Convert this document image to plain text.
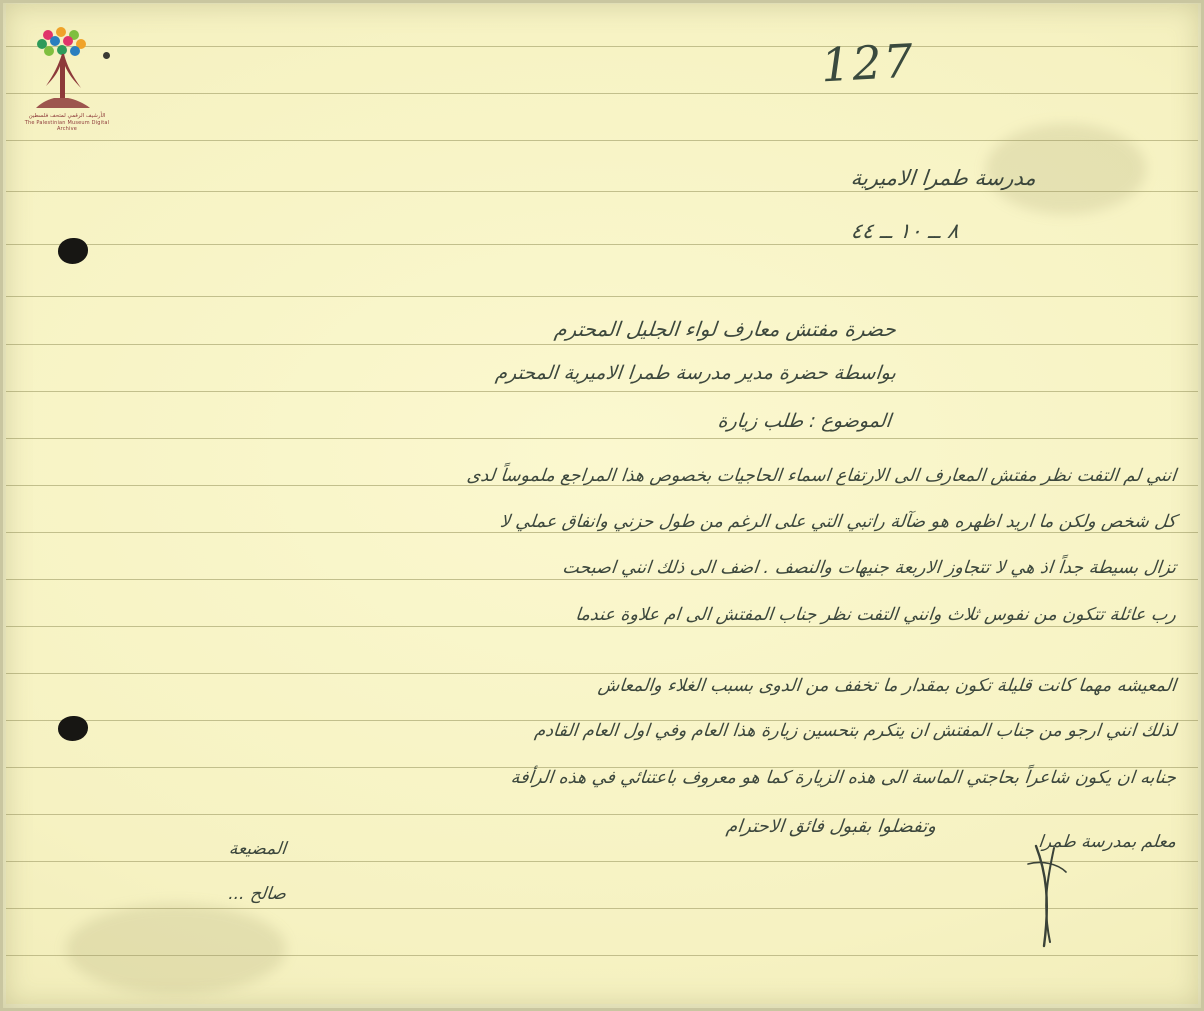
الأرشيف الرقمي لمتحف فلسطين
The Palestinian Museum Digital Archive
127
مدرسة طمرا الاميرية
٨ ــ ١٠ ــ ٤٤
حضرة مفتش معارف لواء الجليل المحترم
بواسطة حضرة مدير مدرسة طمرا الاميرية المحترم
الموضوع : طلب زيارة
انني لم التفت نظر مفتش المعارف الى الارتفاع اسماء الحاجيات بخصوص هذا المراجع ملموساً لدى
كل شخص ولكن ما اريد اظهره هو ضآلة راتبي التي على الرغم من طول حزني وانفاق عملي لا
تزال بسيطة جداً اذ هي لا تتجاوز الاربعة جنيهات والنصف . اضف الى ذلك انني اصبحت
رب عائلة تتكون من نفوس ثلاث وانني التفت نظر جناب المفتش الى ام علاوة عندما
المعيشه مهما كانت قليلة تكون بمقدار ما تخفف من الدوى بسبب الغلاء والمعاش
لذلك انني ارجو من جناب المفتش ان يتكرم بتحسين زيارة هذا العام وفي اول العام القادم
جنابه ان يكون شاعراً بحاجتي الماسة الى هذه الزيارة كما هو معروف باعتنائي في هذه الرأفة
وتفضلوا بقبول فائق الاحترام
معلم بمدرسة طمرا
المضيعة
صالح ...
